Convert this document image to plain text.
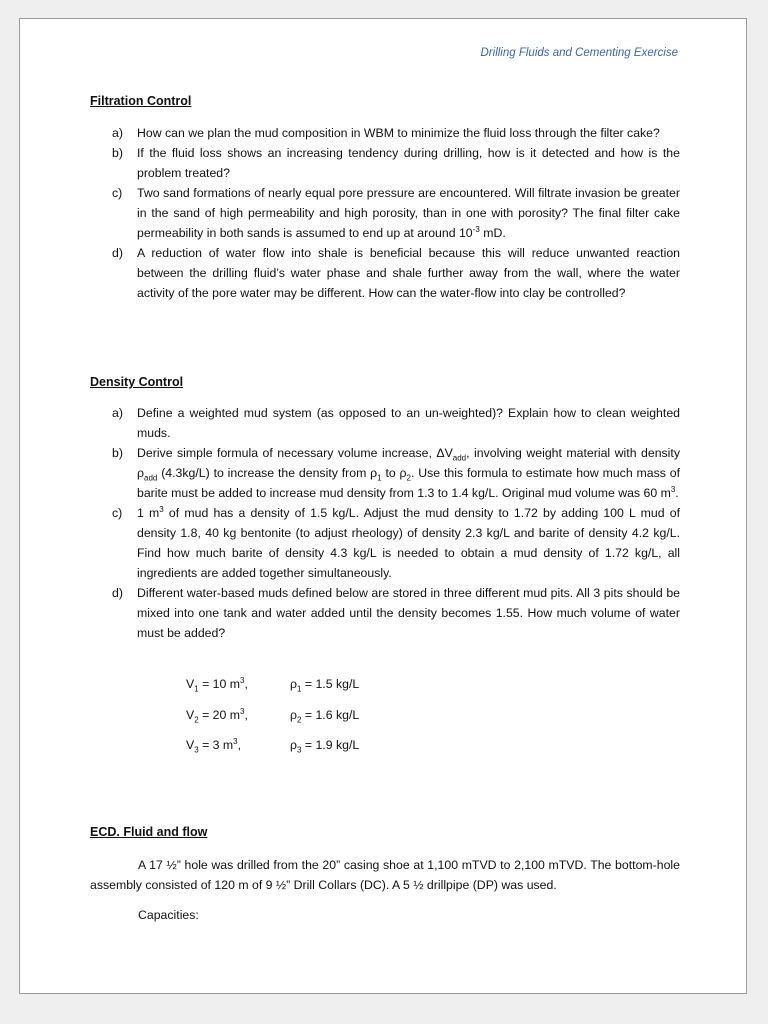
Drilling Fluids and Cementing Exercise
Filtration Control
a) How can we plan the mud composition in WBM to minimize the fluid loss through the filter cake?
b) If the fluid loss shows an increasing tendency during drilling, how is it detected and how is the problem treated?
c) Two sand formations of nearly equal pore pressure are encountered. Will filtrate invasion be greater in the sand of high permeability and high porosity, than in one with porosity? The final filter cake permeability in both sands is assumed to end up at around $10^{-3}$ mD.
d) A reduction of water flow into shale is beneficial because this will reduce unwanted reaction between the drilling fluid’s water phase and shale further away from the wall, where the water activity of the pore water may be different. How can the water-flow into clay be controlled?
Density Control
a) Define a weighted mud system (as opposed to an un-weighted)? Explain how to clean weighted muds.
b) Derive simple formula of necessary volume increase, $\Delta V_{add}$, involving weight material with density $\rho_{add}$ (4.3kg/L) to increase the density from $\rho_1$ to $\rho_2$. Use this formula to estimate how much mass of barite must be added to increase mud density from 1.3 to 1.4 kg/L. Original mud volume was 60 $m^3$.
c) 1 $m^3$ of mud has a density of 1.5 kg/L. Adjust the mud density to 1.72 by adding 100 L mud of density 1.8, 40 kg bentonite (to adjust rheology) of density 2.3 kg/L and barite of density 4.2 kg/L. Find how much barite of density 4.3 kg/L is needed to obtain a mud density of 1.72 kg/L, all ingredients are added together simultaneously.
d) Different water-based muds defined below are stored in three different mud pits. All 3 pits should be mixed into one tank and water added until the density becomes 1.55. How much volume of water must be added?
$V_1 = 10$ $m^3$,	$\rho_1 = 1.5$ kg/L
$V_2 = 20$ $m^3$,	$\rho_2 = 1.6$ kg/L
$V_3 = 3$ $m^3$,	$\rho_3 = 1.9$ kg/L
ECD. Fluid and flow
A 17 ½” hole was drilled from the 20” casing shoe at 1,100 mTVD to 2,100 mTVD. The bottom-hole assembly consisted of 120 m of 9 ½” Drill Collars (DC). A 5 ½ drillpipe (DP) was used.
Capacities:
